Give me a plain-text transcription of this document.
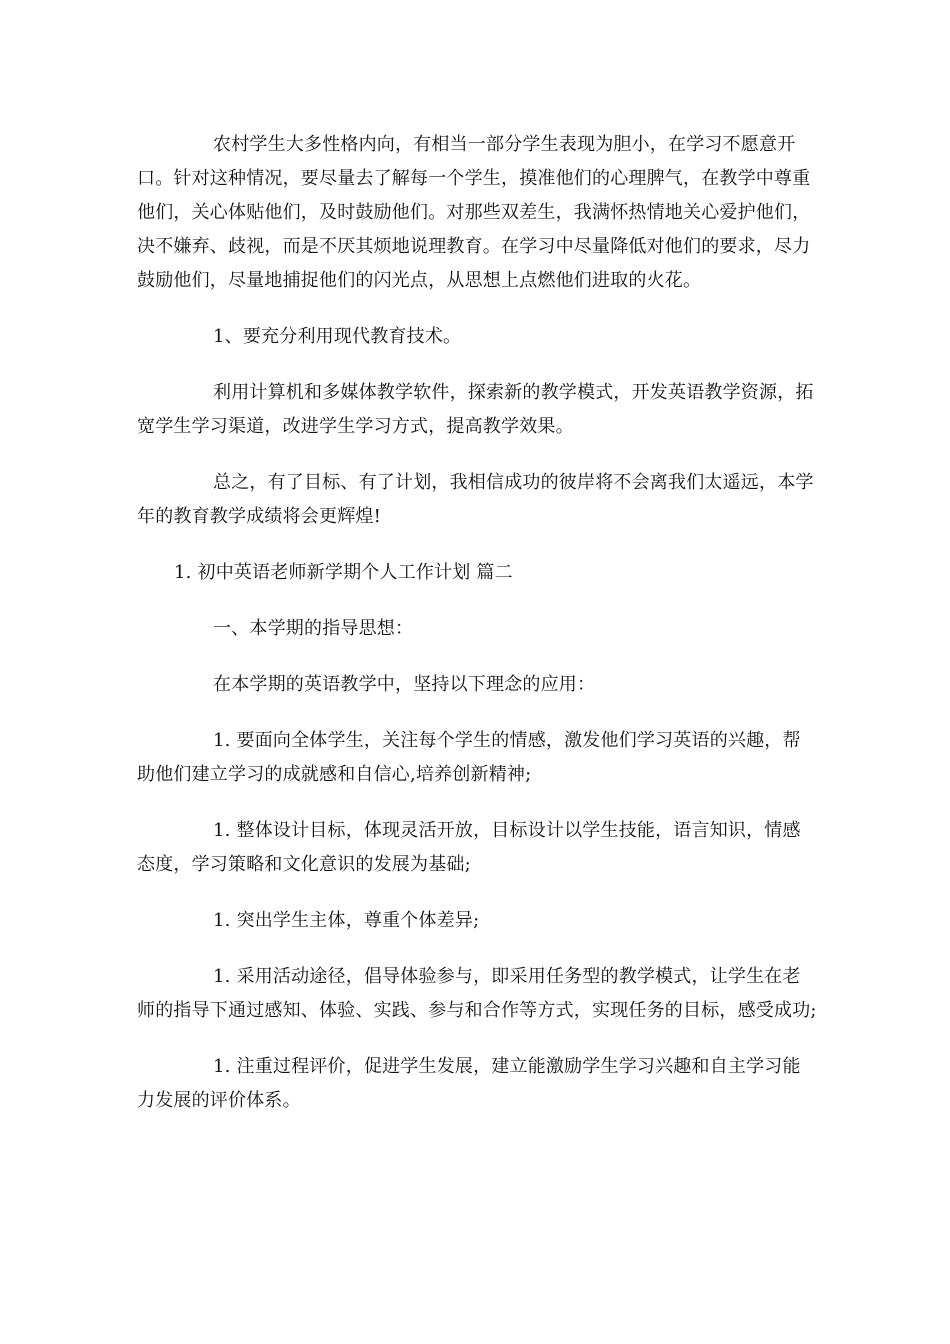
农村学生大多性格内向，有相当一部分学生表现为胆小，在学习不愿意开口。针对这种情况，要尽量去了解每一个学生，摸准他们的心理脾气，在教学中尊重他们，关心体贴他们，及时鼓励他们。对那些双差生，我满怀热情地关心爱护他们，决不嫌弃、歧视，而是不厌其烦地说理教育。在学习中尽量降低对他们的要求，尽力鼓励他们，尽量地捕捉他们的闪光点，从思想上点燃他们进取的火花。

1、要充分利用现代教育技术。

利用计算机和多媒体教学软件，探索新的教学模式，开发英语教学资源，拓宽学生学习渠道，改进学生学习方式，提高教学效果。

总之，有了目标、有了计划，我相信成功的彼岸将不会离我们太遥远，本学年的教育教学成绩将会更辉煌!

1. 初中英语老师新学期个人工作计划 篇二

一、本学期的指导思想：

在本学期的英语教学中，坚持以下理念的应用：

1. 要面向全体学生，关注每个学生的情感，激发他们学习英语的兴趣，帮助他们建立学习的成就感和自信心,培养创新精神;

1. 整体设计目标，体现灵活开放，目标设计以学生技能，语言知识，情感态度，学习策略和文化意识的发展为基础;

1. 突出学生主体，尊重个体差异;

1. 采用活动途径，倡导体验参与，即采用任务型的教学模式，让学生在老师的指导下通过感知、体验、实践、参与和合作等方式，实现任务的目标，感受成功;

1. 注重过程评价，促进学生发展，建立能激励学生学习兴趣和自主学习能力发展的评价体系。
